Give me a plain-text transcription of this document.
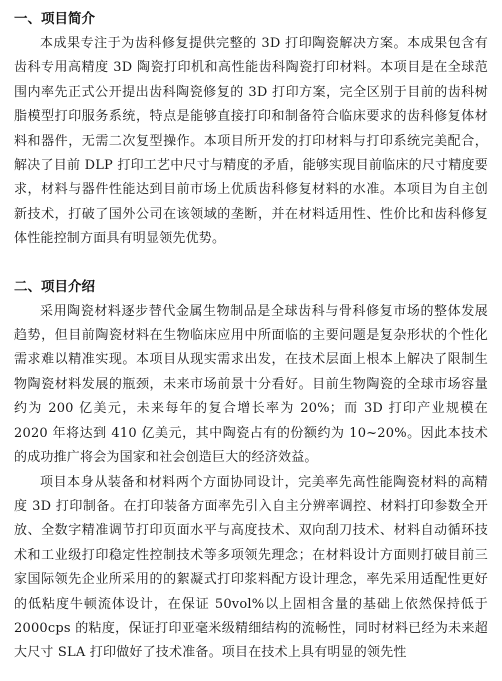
一、项目简介

本成果专注于为齿科修复提供完整的 3D 打印陶瓷解决方案。本成果包含有齿科专用高精度 3D 陶瓷打印机和高性能齿科陶瓷打印材料。本项目是在全球范围内率先正式公开提出齿科陶瓷修复的 3D 打印方案，完全区别于目前的齿科树脂模型打印服务系统，特点是能够直接打印和制备符合临床要求的齿科修复体材料和器件，无需二次复型操作。本项目所开发的打印材料与打印系统完美配合，解决了目前 DLP 打印工艺中尺寸与精度的矛盾，能够实现目前临床的尺寸精度要求，材料与器件性能达到目前市场上优质齿科修复材料的水准。本项目为自主创新技术，打破了国外公司在该领域的垄断，并在材料适用性、性价比和齿科修复体性能控制方面具有明显领先优势。

二、项目介绍

采用陶瓷材料逐步替代金属生物制品是全球齿科与骨科修复市场的整体发展趋势，但目前陶瓷材料在生物临床应用中所面临的主要问题是复杂形状的个性化需求难以精准实现。本项目从现实需求出发，在技术层面上根本上解决了限制生物陶瓷材料发展的瓶颈，未来市场前景十分看好。目前生物陶瓷的全球市场容量约为 200 亿美元，未来每年的复合增长率为 20%；而 3D 打印产业规模在 2020 年将达到 410 亿美元，其中陶瓷占有的份额约为 10~20%。因此本技术的成功推广将会为国家和社会创造巨大的经济效益。

项目本身从装备和材料两个方面协同设计，完美率先高性能陶瓷材料的高精度 3D 打印制备。在打印装备方面率先引入自主分辨率调控、材料打印参数全开放、全数字精准调节打印页面水平与高度技术、双向刮刀技术、材料自动循环技术和工业级打印稳定性控制技术等多项领先理念；在材料设计方面则打破目前三家国际领先企业所采用的的絮凝式打印浆料配方设计理念，率先采用适配性更好的低粘度牛顿流体设计，在保证 50vol%以上固相含量的基础上依然保持低于 2000cps 的粘度，保证打印亚毫米级精细结构的流畅性，同时材料已经为未来超大尺寸 SLA 打印做好了技术准备。项目在技术上具有明显的领先性
